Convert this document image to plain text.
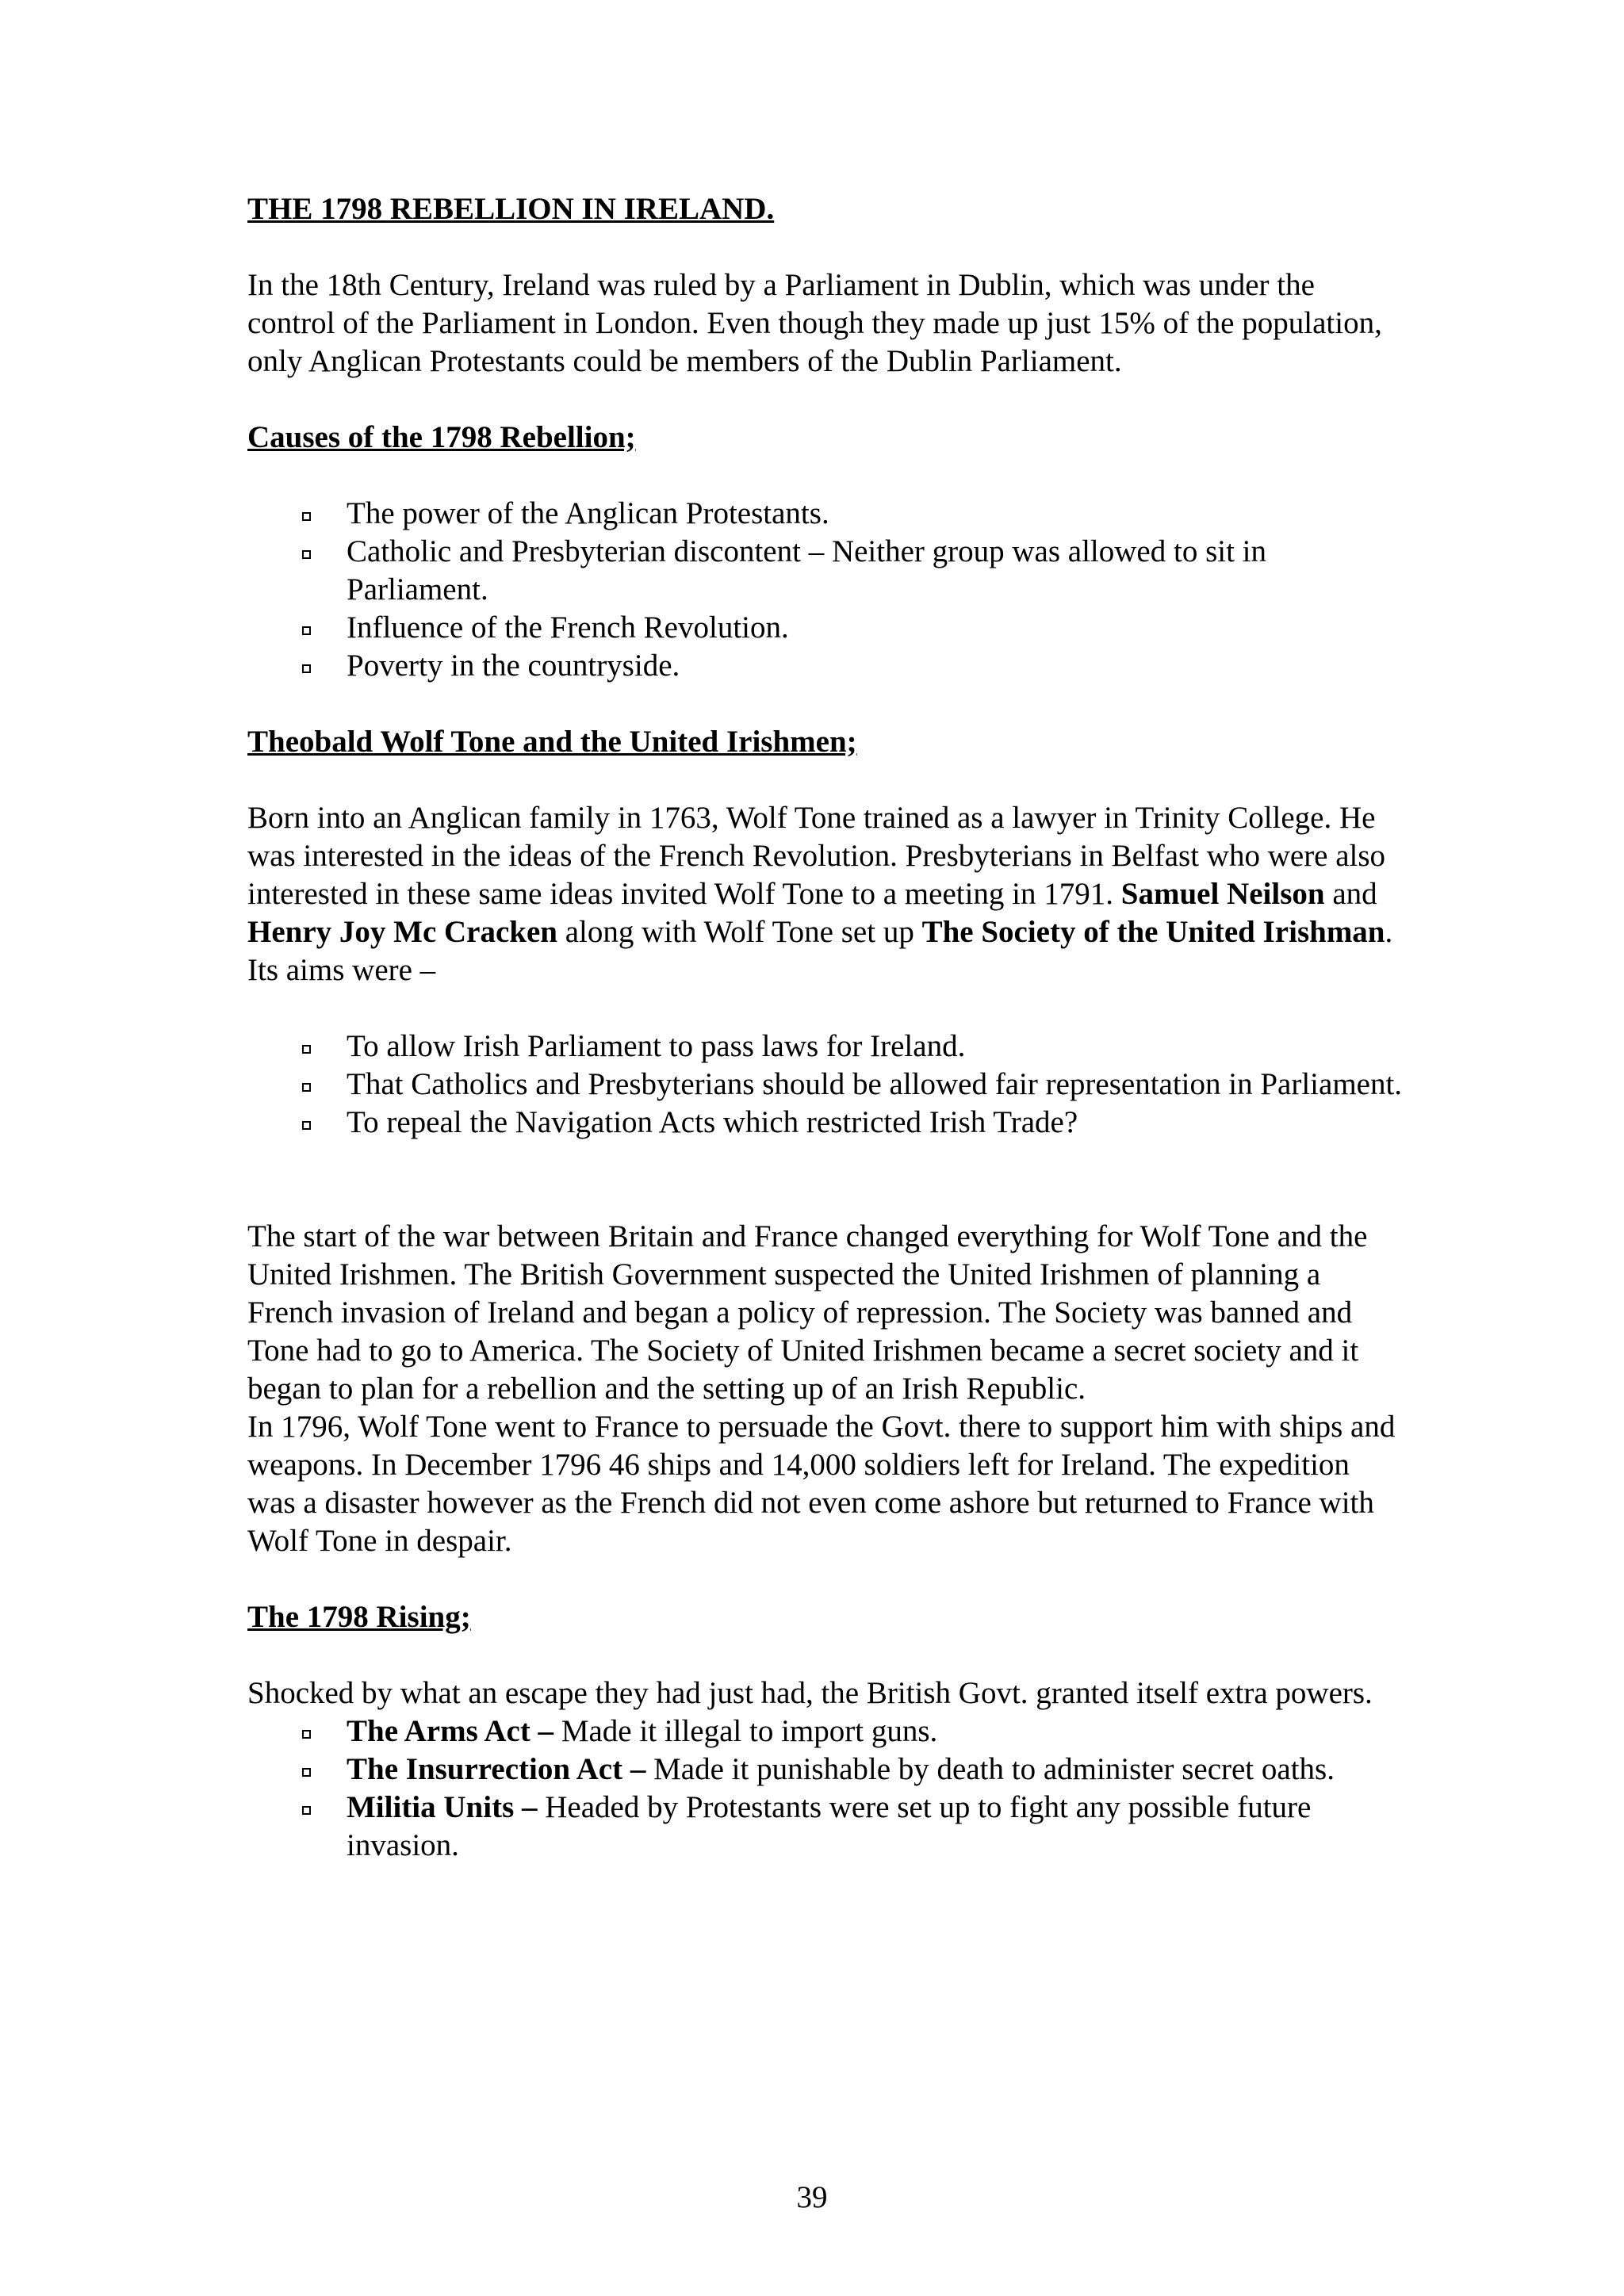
THE 1798 REBELLION IN IRELAND.

In the 18th Century, Ireland was ruled by a Parliament in Dublin, which was under the control of the Parliament in London. Even though they made up just 15% of the population, only Anglican Protestants could be members of the Dublin Parliament.

Causes of the 1798 Rebellion;
The power of the Anglican Protestants.
Catholic and Presbyterian discontent – Neither group was allowed to sit in Parliament.
Influence of the French Revolution.
Poverty in the countryside.
Theobald Wolf Tone and the United Irishmen;

Born into an Anglican family in 1763, Wolf Tone trained as a lawyer in Trinity College. He was interested in the ideas of the French Revolution. Presbyterians in Belfast who were also interested in these same ideas invited Wolf Tone to a meeting in 1791. Samuel Neilson and Henry Joy Mc Cracken along with Wolf Tone set up The Society of the United Irishman. Its aims were –

To allow Irish Parliament to pass laws for Ireland.
That Catholics and Presbyterians should be allowed fair representation in Parliament.
To repeal the Navigation Acts which restricted Irish Trade?

The start of the war between Britain and France changed everything for Wolf Tone and the United Irishmen. The British Government suspected the United Irishmen of planning a French invasion of Ireland and began a policy of repression. The Society was banned and Tone had to go to America. The Society of United Irishmen became a secret society and it began to plan for a rebellion and the setting up of an Irish Republic.

In 1796, Wolf Tone went to France to persuade the Govt. there to support him with ships and weapons. In December 1796 46 ships and 14,000 soldiers left for Ireland. The expedition was a disaster however as the French did not even come ashore but returned to France with Wolf Tone in despair.

The 1798 Rising;

Shocked by what an escape they had just had, the British Govt. granted itself extra powers.

The Arms Act – Made it illegal to import guns.
The Insurrection Act – Made it punishable by death to administer secret oaths.
Militia Units – Headed by Protestants were set up to fight any possible future invasion.
39
